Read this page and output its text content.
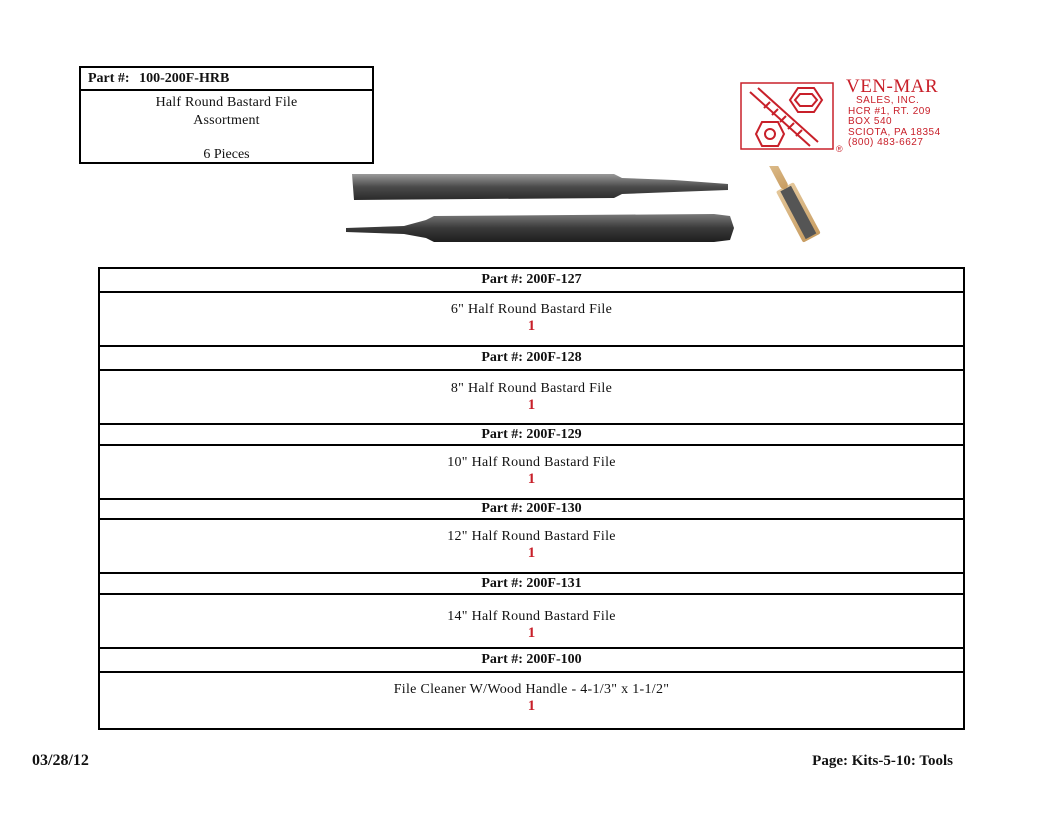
Part #: 100-200F-HRB
Half Round Bastard File
Assortment
6 Pieces	®
VEN-MAR
SALES, INC.
HCR #1, RT. 209
BOX 540
SCIOTA, PA 18354
(800) 483-6627
Part #: 200F-127
6" Half Round Bastard File
1
Part #: 200F-128
8" Half Round Bastard File
1
Part #: 200F-129
10" Half Round Bastard File
1
Part #: 200F-130
12" Half Round Bastard File
1
Part #: 200F-131
14" Half Round Bastard File
1
Part #: 200F-100
File Cleaner W/Wood Handle - 4-1/3" x 1-1/2"
1
03/28/12	Page: Kits-5-10: Tools
